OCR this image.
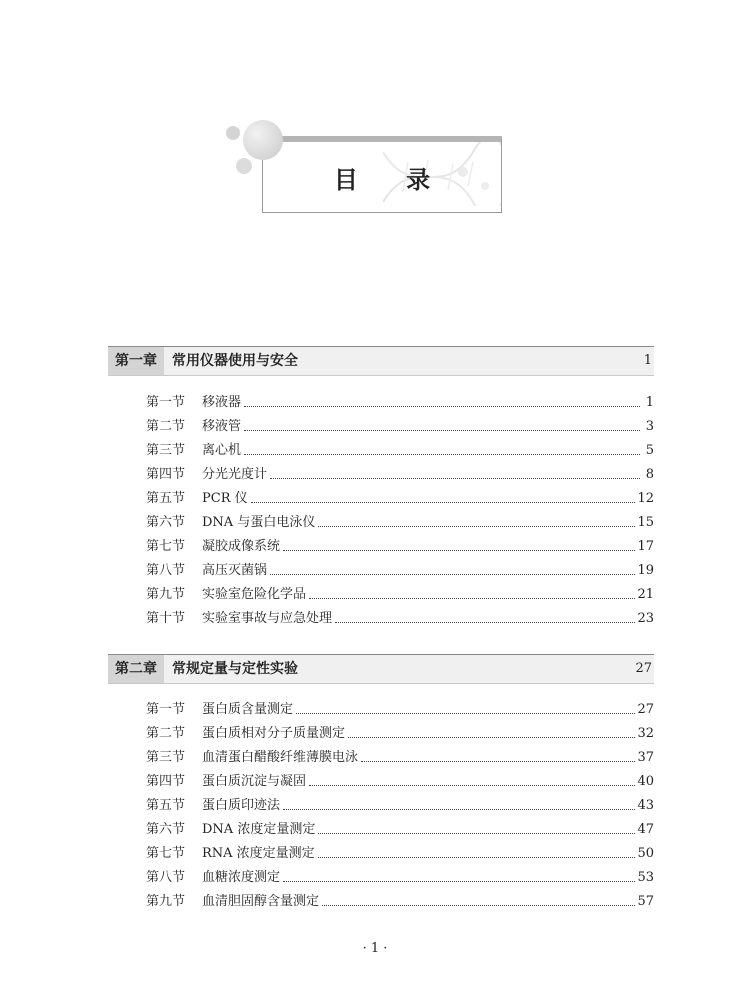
目 录
第一章	常用仪器使用与安全	1
第一节	移液器	1
第二节	移液管	3
第三节	离心机	5
第四节	分光光度计	8
第五节	PCR 仪	12
第六节	DNA 与蛋白电泳仪	15
第七节	凝胶成像系统	17
第八节	高压灭菌锅	19
第九节	实验室危险化学品	21
第十节	实验室事故与应急处理	23
第二章	常规定量与定性实验	27
第一节	蛋白质含量测定	27
第二节	蛋白质相对分子质量测定	32
第三节	血清蛋白醋酸纤维薄膜电泳	37
第四节	蛋白质沉淀与凝固	40
第五节	蛋白质印迹法	43
第六节	DNA 浓度定量测定	47
第七节	RNA 浓度定量测定	50
第八节	血糖浓度测定	53
第九节	血清胆固醇含量测定	57
· 1 ·
